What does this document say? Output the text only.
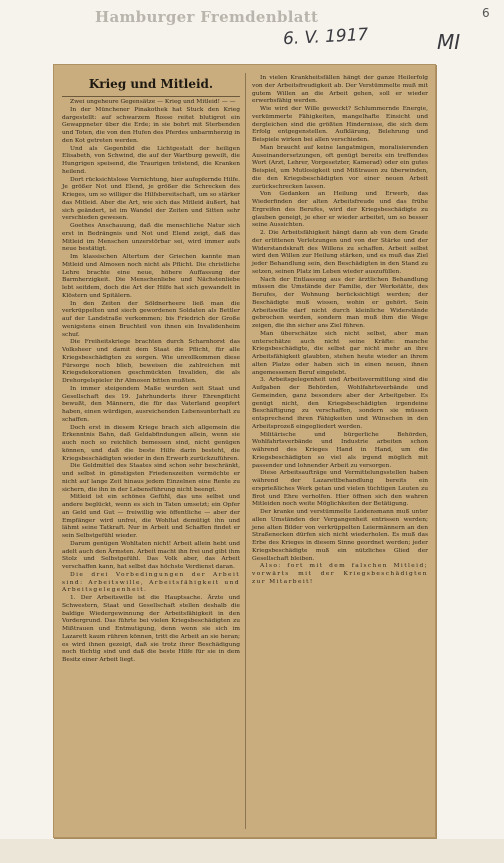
Hamburger Fremdenblatt
6. V. 1917	MI
6
Krieg und Mitleid.

Zwei ungeheure Gegensätze — Krieg und Mitleid! — —

In der Münchener Pinakothek hat Stuck den Krieg dargestellt: auf schwarzem Rosse reitet blutigrot ein Gewappneter über die Erde; in sie bohrt mit Sterbenden und Toten, die von den Hufen des Pferdes unbarmherzig in den Kot getreten werden.

Und als Gegenbild die Lichtgestalt der heiligen Elisabeth, von Schwind, die auf der Wartburg geweilt, die Hungrigen speisend, die Traurigen tröstend, die Kranken heilend.

Dort rücksichtslose Vernichtung, hier aufopfernde Hilfe. Je größer Not und Elend, je größer die Schrecken des Krieges, um so williger die Hilfsbereitschaft, um so stärker das Mitleid. Aber die Art, wie sich das Mitleid äußert, hat sich geändert, ist im Wandel der Zeiten und Sitten sehr verschieden gewesen.

Goethes Anschauung, daß die menschliche Natur sich erst in Bedrängnis und Not und Elend zeigt, daß das Mitleid im Menschen unzerstörbar sei, wird immer aufs neue bestätigt.

Im klassischen Altertum der Griechen kannte man Mitleid und Almosen noch nicht als Pflicht. Die christliche Lehre brachte eine neue, höhere Auffassung der Barmherzigkeit. Die Menschenliebe und Nächstenliebe lebt seitdem, doch die Art der Hilfe hat sich gewandelt in Klöstern und Spitälern.

In den Zeiten der Söldnerheere ließ man die verkrüppelten und siech gewordenen Soldaten als Bettler auf der Landstraße verkommen; bis Friedrich der Große wenigstens einen Bruchteil von ihnen ein Invalidenheim schuf.

Die Freiheitskriege brachten durch Scharnhorst das Volksheer und damit dem Staat die Pflicht, für alle Kriegsbeschädigten zu sorgen. Wie unvollkommen diese Fürsorge noch blieb, beweisen die zahlreichen mit Kriegsdekorationen geschmückten Invaliden, die als Drehorgelspieler ihr Almosen bitten mußten.

In immer steigendem Maße wurden seit Staat und Gesellschaft des 19. Jahrhunderts ihrer Ehrenpflicht bewußt, den Männern, die für das Vaterland geopfert haben, einen würdigen, ausreichenden Lebensunterhalt zu schaffen.

Doch erst in diesem Kriege brach sich allgemein die Erkenntnis Bahn, daß Geldabfindungen allein, wenn sie auch noch so reichlich bemessen sind, nicht genügen können, und daß die beste Hilfe darin besteht, die Kriegsbeschädigten wieder in den Erwerb zurückzuführen.

Die Geldmittel des Staates sind schon sehr beschränkt, und selbst in günstigsten Friedenszeiten vermöchte er nicht auf lange Zeit hinaus jedem Einzelnen eine Rente zu sichern, die ihn in der Lebensführung nicht beengt.

Mitleid ist ein schönes Gefühl, das uns selbst und andere beglückt, wenn es sich in Taten umsetzt; ein Opfer an Geld und Gut — freiwillig wie öffentliche — aber der Empfänger wird unfrei, die Wohltat demütigt ihn und lähmt seine Tatkraft. Nur in Arbeit und Schaffen findet er sein Selbstgefühl wieder.

Darum genügen Wohltaten nicht! Arbeit allein hebt und adelt auch den Ärmsten. Arbeit macht ihn frei und gibt ihm Stolz und Selbstgefühl. Das Volk aber, das Arbeit verschaffen kann, hat selbst das höchste Verdienst daran.

Die drei Vorbedingungen der Arbeit sind: Arbeitswille, Arbeitsfähigkeit und Arbeitsgelegenheit.

1. Der Arbeitswille ist die Hauptsache. Ärzte und Schwestern, Staat und Gesellschaft stellen deshalb die baldige Wiedergewinnung der Arbeitsfähigkeit in den Vordergrund. Das führte bei vielen Kriegsbeschädigten zu Mißtrauen und Entmutigung, denn wenn sie sich im Lazarett kaum rühren können, tritt die Arbeit an sie heran; es wird ihnen gezeigt, daß sie trotz ihrer Beschädigung noch tüchtig sind und daß die beste Hilfe für sie in dem Besitz einer Arbeit liegt.

In vielen Krankheitsfällen hängt der ganze Heilerfolg von der Arbeitsfreudigkeit ab. Der Verstümmelte muß mit gutem Willen an die Arbeit gehen, soll er wieder erwerbsfähig werden.

Wie wird der Wille geweckt? Schlummernde Energie, verkümmerte Fähigkeiten, mangelhafte Einsicht und dergleichen sind die größten Hindernisse, die sich dem Erfolg entgegenstellen. Aufklärung, Belehrung und Beispiele wirken bei allen verschieden.

Man braucht auf keine langatmigen, moralisierenden Auseinandersetzungen, oft genügt bereits ein treffendes Wort (Arzt, Lehrer, Vorgesetzter, Kamerad) oder ein gutes Beispiel, um Mutlosigkeit und Mißtrauen zu überwinden, die den Kriegsbeschädigten vor einer neuen Arbeit zurückschrecken lassen.

Von Gedanken an Heilung und Erwerb, das Wiederfinden der alten Arbeitsfreude und das frühe Ergreifen des Berufes, wird der Kriegsbeschädigte zu glauben geneigt, je eher er wieder arbeitet, um so besser seine Aussichten.

2. Die Arbeitsfähigkeit hängt dann ab von dem Grade der erlittenen Verletzungen und von der Stärke und der Widerstandskraft des Willens zu schaffen. Arbeit selbst wird den Willen zur Heilung stärken, und es muß das Ziel jeder Behandlung sein, den Beschädigten in den Stand zu setzen, seinen Platz im Leben wieder auszufüllen.

Nach der Entlassung aus der ärztlichen Behandlung müssen die Umstände der Familie, der Werkstätte, des Berufes, der Wohnung berücksichtigt werden; der Beschädigte muß wissen, wohin er gehört. Sein Arbeitswille darf nicht durch kleinliche Widerstände gebrochen werden, sondern man muß ihm die Wege zeigen, die ihn sicher ans Ziel führen.

Man überschätze sich nicht selbst, aber man unterschätze auch nicht seine Kräfte: manche Kriegsbeschädigte, die selbst gar nicht mehr an ihre Arbeitsfähigkeit glaubten, stehen heute wieder an ihrem alten Platze oder haben sich in einen neuen, ihnen angemessenen Beruf eingelebt.

3. Arbeitsgelegenheit und Arbeitsvermittlung sind die Aufgaben der Behörden, Wohlfahrtsverbände und Gemeinden, ganz besonders aber der Arbeitgeber. Es genügt nicht, den Kriegsbeschädigten irgendeine Beschäftigung zu verschaffen, sondern sie müssen entsprechend ihren Fähigkeiten und Wünschen in den Arbeitsprozeß eingegliedert werden.

Militärische und bürgerliche Behörden, Wohlfahrtsverbände und Industrie arbeiten schon während des Krieges Hand in Hand, um die Kriegsbeschädigten so viel als irgend möglich mit passender und lohnender Arbeit zu versorgen.

Diese Arbeitsaufträge und Vermittelungsstellen haben während der Lazarettbehandlung bereits ein ersprießliches Werk getan und vielen tüchtigen Leuten zu Brot und Ehre verholfen. Hier öffnen sich den wahren Mitleiden noch weite Möglichkeiten der Betätigung.

Der kranke und verstümmelte Leidensmann muß unter allen Umständen der Vergangenheit entrissen werden; jene alten Bilder von verkrüppelten Leiermännern an den Straßenecken dürfen sich nicht wiederholen. Es muß das Erbe des Krieges in diesem Sinne geordnet werden; jeder Kriegsbeschädigte muß ein nützliches Glied der Gesellschaft bleiben.

Also: fort mit dem falschen Mitleid; vorwärts mit der Kriegsbeschädigten zur Mitarbeit!
